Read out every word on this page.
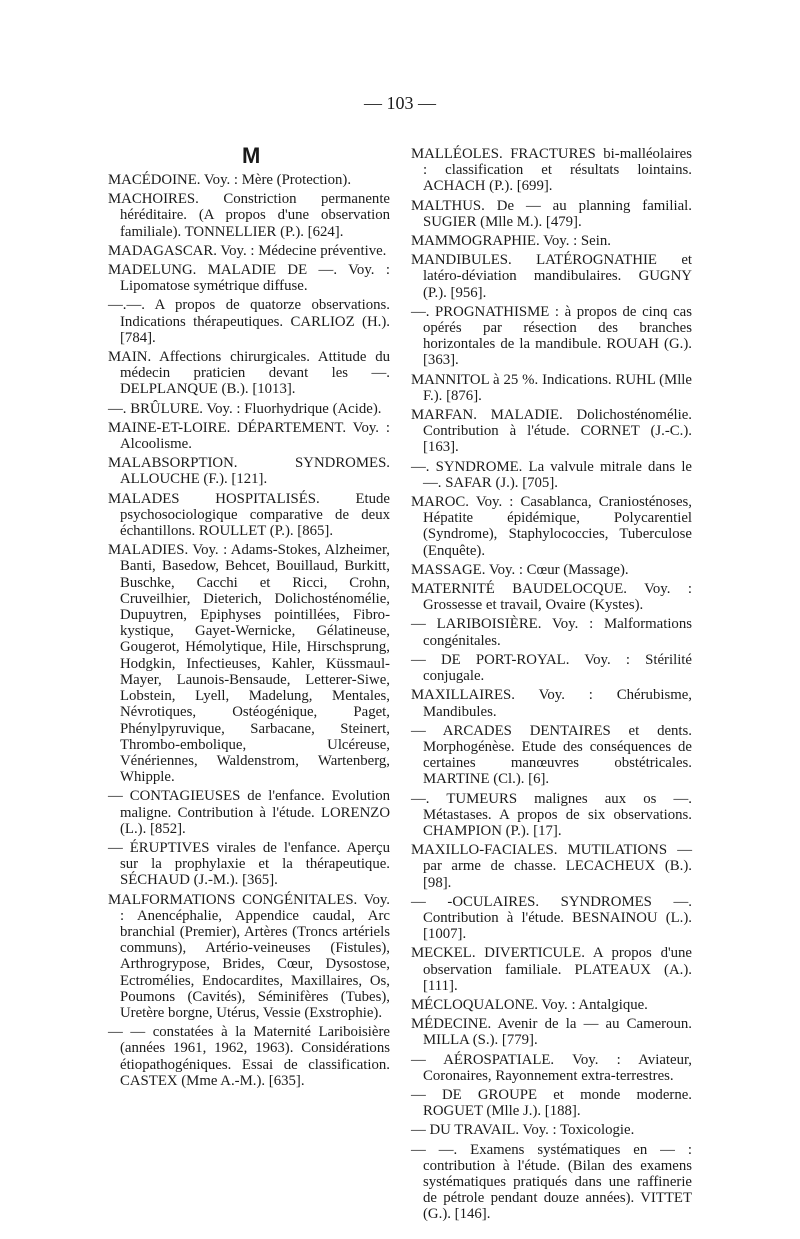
— 103 —
M

MACÉDOINE. Voy. : Mère (Protection).

MACHOIRES. Constriction permanente héréditaire. (A propos d'une observation familiale). TONNELLIER (P.). [624].

MADAGASCAR. Voy. : Médecine préventive.

MADELUNG. MALADIE DE —. Voy. : Lipomatose symétrique diffuse.

—.—. A propos de quatorze observations. Indications thérapeutiques. CARLIOZ (H.). [784].

MAIN. Affections chirurgicales. Attitude du médecin praticien devant les —. DELPLANQUE (B.). [1013].

—. BRÛLURE. Voy. : Fluorhydrique (Acide).

MAINE-ET-LOIRE. DÉPARTEMENT. Voy. : Alcoolisme.

MALABSORPTION. SYNDROMES. ALLOUCHE (F.). [121].

MALADES HOSPITALISÉS. Etude psychosociologique comparative de deux échantillons. ROULLET (P.). [865].

MALADIES. Voy. : Adams-Stokes, Alzheimer, Banti, Basedow, Behcet, Bouillaud, Burkitt, Buschke, Cacchi et Ricci, Crohn, Cruveilhier, Dieterich, Dolichosténomélie, Dupuytren, Epiphyses pointillées, Fibro-kystique, Gayet-Wernicke, Gélatineuse, Gougerot, Hémolytique, Hile, Hirschsprung, Hodgkin, Infectieuses, Kahler, Küssmaul-Mayer, Launois-Bensaude, Letterer-Siwe, Lobstein, Lyell, Madelung, Mentales, Névrotiques, Ostéogénique, Paget, Phénylpyruvique, Sarbacane, Steinert, Thrombo-embolique, Ulcéreuse, Vénériennes, Waldenstrom, Wartenberg, Whipple.

— CONTAGIEUSES de l'enfance. Evolution maligne. Contribution à l'étude. LORENZO (L.). [852].

— ÉRUPTIVES virales de l'enfance. Aperçu sur la prophylaxie et la thérapeutique. SÉCHAUD (J.-M.). [365].

MALFORMATIONS CONGÉNITALES. Voy. : Anencéphalie, Appendice caudal, Arc branchial (Premier), Artères (Troncs artériels communs), Artério-veineuses (Fistules), Arthrogrypose, Brides, Cœur, Dysostose, Ectromélies, Endocardites, Maxillaires, Os, Poumons (Cavités), Séminifères (Tubes), Uretère borgne, Utérus, Vessie (Exstrophie).

— — constatées à la Maternité Lariboisière (années 1961, 1962, 1963). Considérations étiopathogéniques. Essai de classification. CASTEX (Mme A.-M.). [635].

MALLÉOLES. FRACTURES bi-malléolaires : classification et résultats lointains. ACHACH (P.). [699].

MALTHUS. De — au planning familial. SUGIER (Mlle M.). [479].

MAMMOGRAPHIE. Voy. : Sein.

MANDIBULES. LATÉROGNATHIE et latéro-déviation mandibulaires. GUGNY (P.). [956].

—. PROGNATHISME : à propos de cinq cas opérés par résection des branches horizontales de la mandibule. ROUAH (G.). [363].

MANNITOL à 25 %. Indications. RUHL (Mlle F.). [876].

MARFAN. MALADIE. Dolichosténomélie. Contribution à l'étude. CORNET (J.-C.). [163].

—. SYNDROME. La valvule mitrale dans le —. SAFAR (J.). [705].

MAROC. Voy. : Casablanca, Craniosténoses, Hépatite épidémique, Polycarentiel (Syndrome), Staphylococcies, Tuberculose (Enquête).

MASSAGE. Voy. : Cœur (Massage).

MATERNITÉ BAUDELOCQUE. Voy. : Grossesse et travail, Ovaire (Kystes).

— LARIBOISIÈRE. Voy. : Malformations congénitales.

— DE PORT-ROYAL. Voy. : Stérilité conjugale.

MAXILLAIRES. Voy. : Chérubisme, Mandibules.

— ARCADES DENTAIRES et dents. Morphogénèse. Etude des conséquences de certaines manœuvres obstétricales. MARTINE (Cl.). [6].

—. TUMEURS malignes aux os —. Métastases. A propos de six observations. CHAMPION (P.). [17].

MAXILLO-FACIALES. MUTILATIONS — par arme de chasse. LECACHEUX (B.). [98].

— -OCULAIRES. SYNDROMES —. Contribution à l'étude. BESNAINOU (L.). [1007].

MECKEL. DIVERTICULE. A propos d'une observation familiale. PLATEAUX (A.). [111].

MÉCLOQUALONE. Voy. : Antalgique.

MÉDECINE. Avenir de la — au Cameroun. MILLA (S.). [779].

— AÉROSPATIALE. Voy. : Aviateur, Coronaires, Rayonnement extra-terrestres.

— DE GROUPE et monde moderne. ROGUET (Mlle J.). [188].

— DU TRAVAIL. Voy. : Toxicologie.

— —. Examens systématiques en — : contribution à l'étude. (Bilan des examens systématiques pratiqués dans une raffinerie de pétrole pendant douze années). VITTET (G.). [146].
